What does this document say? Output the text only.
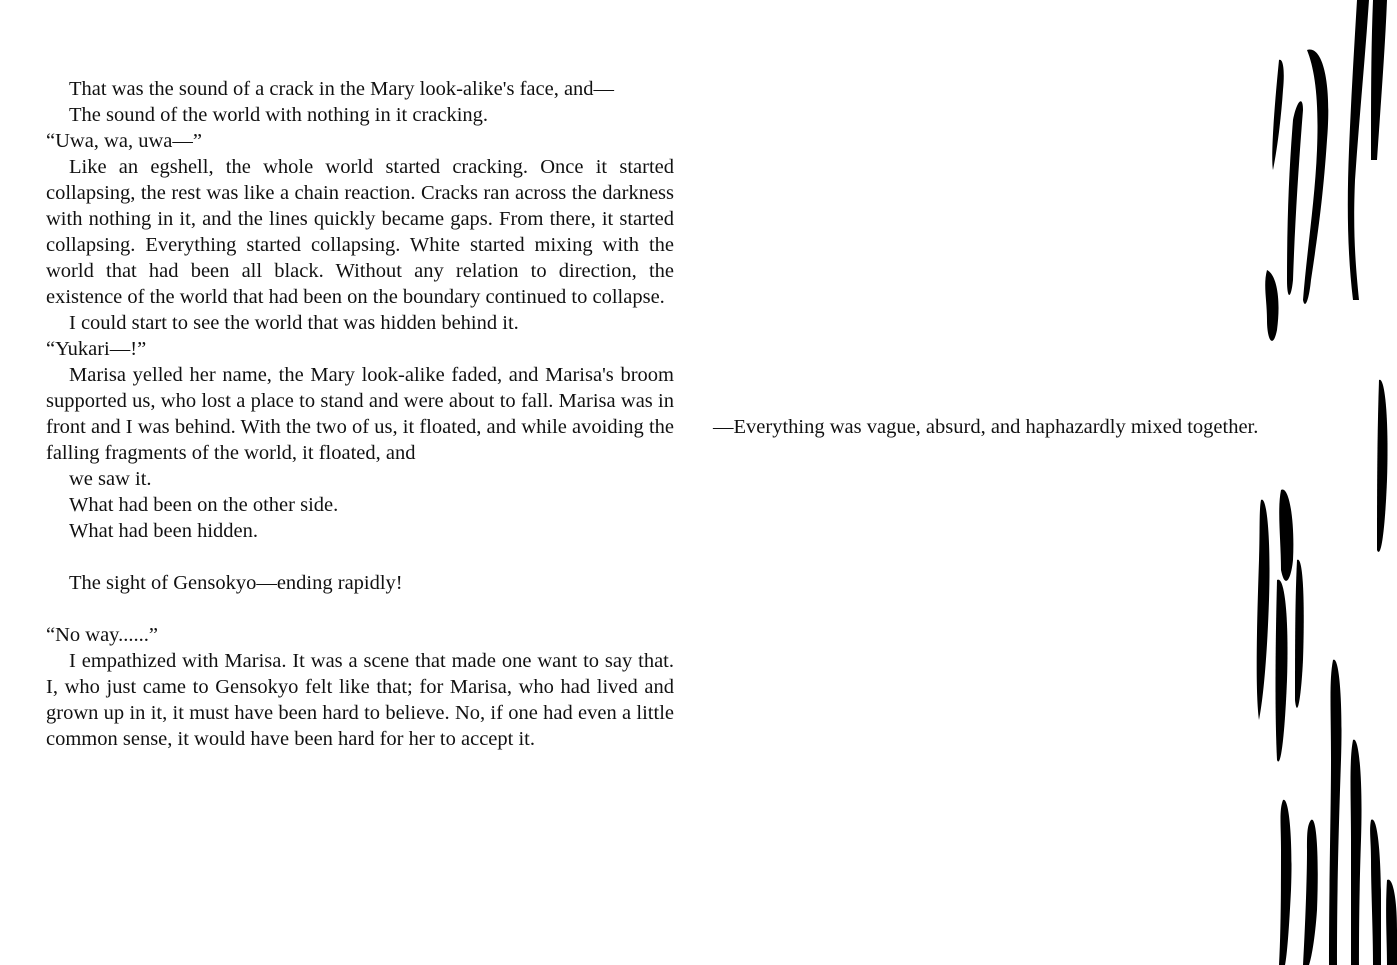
That was the sound of a crack in the Mary look-alike's face, and—

The sound of the world with nothing in it cracking.

“Uwa, wa, uwa—”

Like an egshell, the whole world started cracking. Once it started collapsing, the rest was like a chain reaction. Cracks ran across the darkness with nothing in it, and the lines quickly became gaps. From there, it started collapsing. Everything started collapsing. White started mixing with the world that had been all black. Without any relation to direction, the existence of the world that had been on the boundary continued to collapse.

I could start to see the world that was hidden behind it.

“Yukari—!”

Marisa yelled her name, the Mary look-alike faded, and Marisa's broom supported us, who lost a place to stand and were about to fall. Marisa was in front and I was behind. With the two of us, it floated, and while avoiding the falling fragments of the world, it floated, and

we saw it.

What had been on the other side.

What had been hidden.

The sight of Gensokyo—ending rapidly!

“No way......”

I empathized with Marisa. It was a scene that made one want to say that. I, who just came to Gensokyo felt like that; for Marisa, who had lived and grown up in it, it must have been hard to believe. No, if one had even a little common sense, it would have been hard for her to accept it.

—Everything was vague, absurd, and haphazardly mixed together.
